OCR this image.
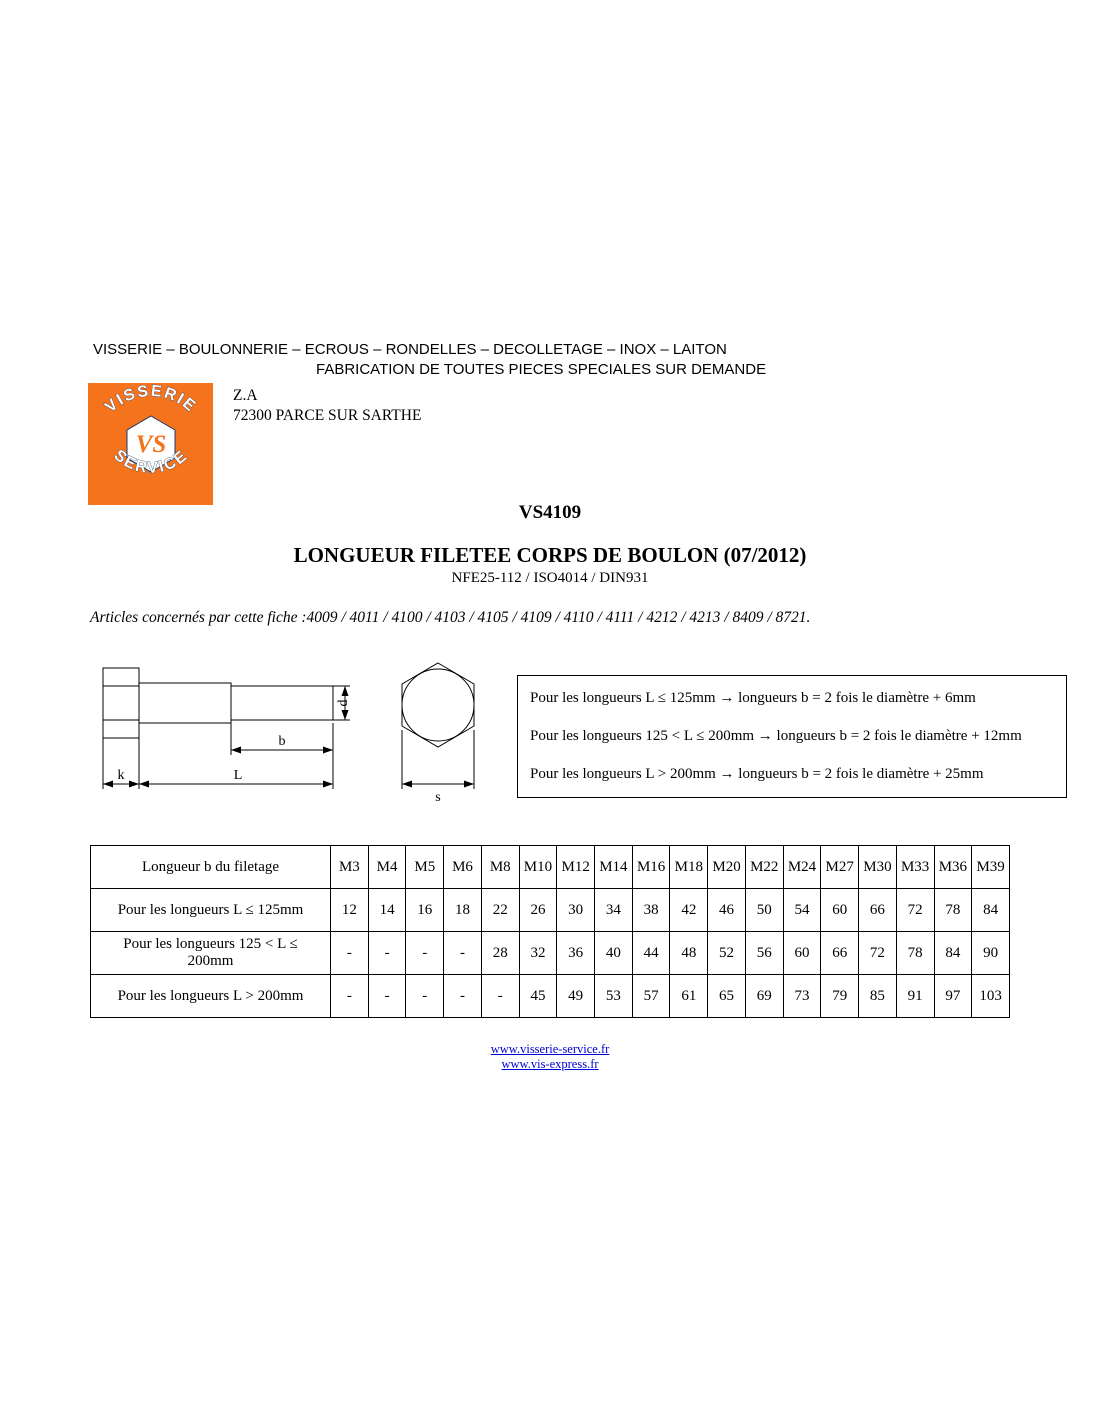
VISSERIE – BOULONNERIE – ECROUS – RONDELLES – DECOLLETAGE – INOX – LAITON
FABRICATION DE TOUTES PIECES SPECIALES SUR DEMANDE
VISSERIE
SERVICE
VS
Z.A
72300 PARCE SUR SARTHE
VS4109
LONGUEUR FILETEE CORPS DE BOULON (07/2012)
NFE25-112 / ISO4014 / DIN931
Articles concernés par cette fiche :4009 / 4011 / 4100 / 4103 / 4105 / 4109 / 4110 / 4111 / 4212 / 4213 / 8409 / 8721.
d
b
k	L
s
Pour les longueurs L ≤ 125mm → longueurs b = 2 fois le diamètre + 6mm
Pour les longueurs 125 < L ≤ 200mm → longueurs b = 2 fois le diamètre + 12mm
Pour les longueurs L > 200mm → longueurs b = 2 fois le diamètre + 25mm
Longueur b du filetage	M3	M4	M5	M6	M8	M10	M12	M14	M16	M18	M20	M22	M24	M27	M30	M33	M36	M39
Pour les longueurs L ≤ 125mm	12	14	16	18	22	26	30	34	38	42	46	50	54	60	66	72	78	84
Pour les longueurs 125 < L ≤ 200mm	-	-	-	-	28	32	36	40	44	48	52	56	60	66	72	78	84	90
Pour les longueurs L > 200mm	-	-	-	-	-	45	49	53	57	61	65	69	73	79	85	91	97	103
www.visserie-service.fr
www.vis-express.fr
